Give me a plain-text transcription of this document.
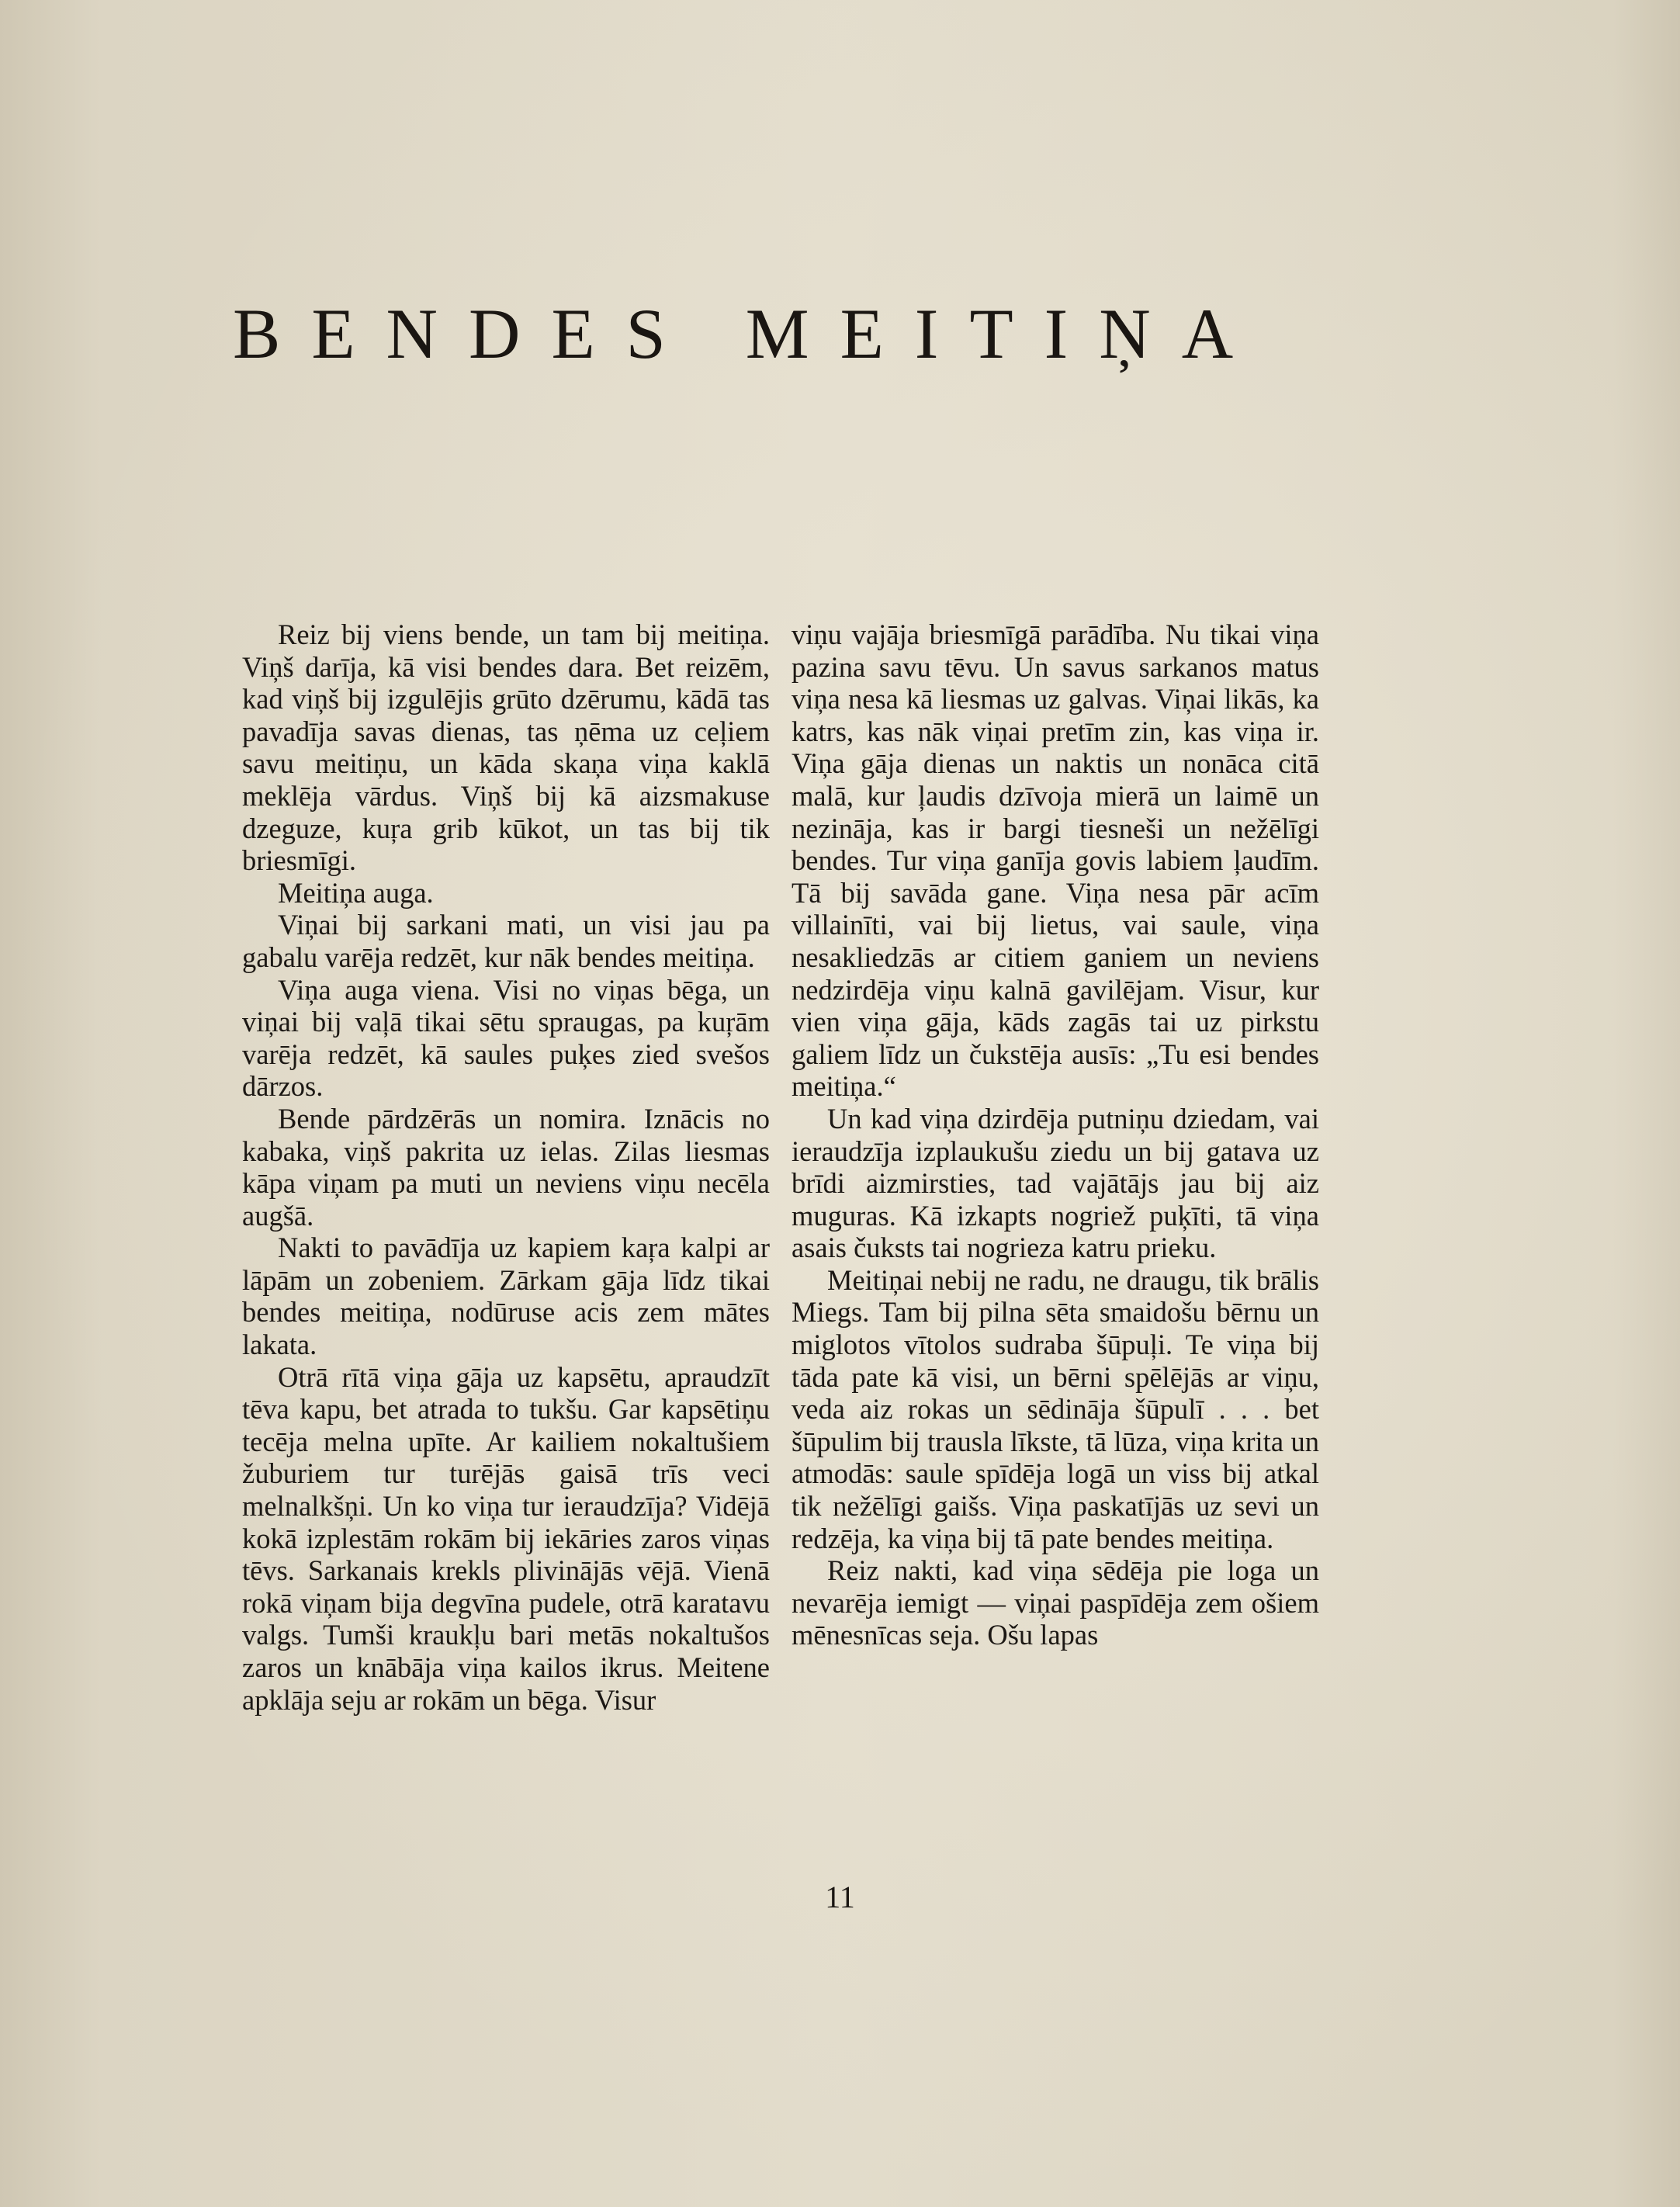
BENDES MEITIŅA

Reiz bij viens bende, un tam bij meitiņa. Viņš darīja, kā visi bendes dara. Bet reizēm, kad viņš bij izgulējis grūto dzērumu, kādā tas pavadīja savas dienas, tas ņēma uz ceļiem savu meitiņu, un kāda skaņa viņa kaklā meklēja vārdus. Viņš bij kā aizsmakuse dzeguze, kuŗa grib kūkot, un tas bij tik briesmīgi.

Meitiņa auga.

Viņai bij sarkani mati, un visi jau pa gabalu varēja redzēt, kur nāk bendes meitiņa.

Viņa auga viena. Visi no viņas bēga, un viņai bij vaļā tikai sētu spraugas, pa kuŗām varēja redzēt, kā saules puķes zied svešos dārzos.

Bende pārdzērās un nomira. Iznācis no kabaka, viņš pakrita uz ielas. Zilas liesmas kāpa viņam pa muti un neviens viņu necēla augšā.

Nakti to pavādīja uz kapiem kaŗa kalpi ar lāpām un zobeniem. Zārkam gāja līdz tikai bendes meitiņa, nodūruse acis zem mātes lakata.

Otrā rītā viņa gāja uz kapsētu, apraudzīt tēva kapu, bet atrada to tukšu. Gar kapsētiņu tecēja melna upīte. Ar kailiem nokaltušiem žuburiem tur turējās gaisā trīs veci melnalkšņi. Un ko viņa tur ieraudzīja? Vidējā kokā izplestām rokām bij iekāries zaros viņas tēvs. Sarkanais krekls plivinājās vējā. Vienā rokā viņam bija degvīna pudele, otrā karatavu valgs. Tumši kraukļu bari metās nokaltušos zaros un knābāja viņa kailos ikrus. Meitene apklāja seju ar rokām un bēga. Visur

viņu vajāja briesmīgā parādība. Nu tikai viņa pazina savu tēvu. Un savus sarkanos matus viņa nesa kā liesmas uz galvas. Viņai likās, ka katrs, kas nāk viņai pretīm zin, kas viņa ir. Viņa gāja dienas un naktis un nonāca citā malā, kur ļaudis dzīvoja mierā un laimē un nezināja, kas ir bargi tiesneši un nežēlīgi bendes. Tur viņa ganīja govis labiem ļaudīm. Tā bij savāda gane. Viņa nesa pār acīm villainīti, vai bij lietus, vai saule, viņa nesakliedzās ar citiem ganiem un neviens nedzirdēja viņu kalnā gavilējam. Visur, kur vien viņa gāja, kāds zagās tai uz pirkstu galiem līdz un čukstēja ausīs: „Tu esi bendes meitiņa.“

Un kad viņa dzirdēja putniņu dziedam, vai ieraudzīja izplaukušu ziedu un bij gatava uz brīdi aizmirsties, tad vajātājs jau bij aiz muguras. Kā izkapts nogriež puķīti, tā viņa asais čuksts tai nogrieza katru prieku.

Meitiņai nebij ne radu, ne draugu, tik brālis Miegs. Tam bij pilna sēta smaidošu bērnu un miglotos vītolos sudraba šūpuļi. Te viņa bij tāda pate kā visi, un bērni spēlējās ar viņu, veda aiz rokas un sēdināja šūpulī . . . bet šūpulim bij trausla līkste, tā lūza, viņa krita un atmodās: saule spīdēja logā un viss bij atkal tik nežēlīgi gaišs. Viņa paskatījās uz sevi un redzēja, ka viņa bij tā pate bendes meitiņa.

Reiz nakti, kad viņa sēdēja pie loga un nevarēja iemigt — viņai paspīdēja zem ošiem mēnesnīcas seja. Ošu lapas

11
